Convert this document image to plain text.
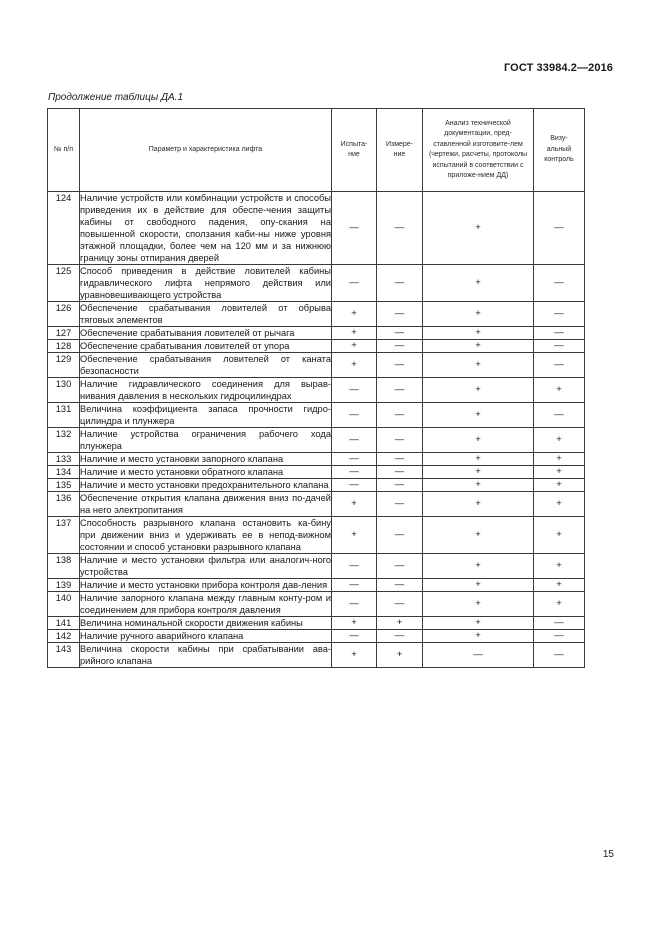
ГОСТ 33984.2—2016
Продолжение таблицы ДА.1
№ п/п	Параметр и характеристика лифта	Испыта-ние	Измере-ние	Анализ технической документации, пред-ставленной изготовите-лем (чертежи, расчеты, протоколы испытаний в соответствии с приложе-нием ДД)	Визу-альный контроль
124	Наличие устройств или комбинации устройств и способы приведения их в действие для обеспе-чения защиты кабины от свободного падения, опу-скания на повышенной скорости, сползания каби-ны ниже уровня этажной площадки, более чем на 120 мм и за нижнюю границу зоны отпирания дверей	—	—	+	—
125	Способ приведения в действие ловителей кабины гидравлического лифта непрямого действия или уравновешивающего устройства	—	—	+	—
126	Обеспечение срабатывания ловителей от обрыва тяговых элементов	+	—	+	—
127	Обеспечение срабатывания ловителей от рычага	+	—	+	—
128	Обеспечение срабатывания ловителей от упора	+	—	+	—
129	Обеспечение срабатывания ловителей от каната безопасности	+	—	+	—
130	Наличие гидравлического соединения для вырав-нивания давления в нескольких гидроцилиндрах	—	—	+	+
131	Величина коэффициента запаса прочности гидро-цилиндра и плунжера	—	—	+	—
132	Наличие устройства ограничения рабочего хода плунжера	—	—	+	+
133	Наличие и место установки запорного клапана	—	—	+	+
134	Наличие и место установки обратного клапана	—	—	+	+
135	Наличие и место установки предохранительного клапана	—	—	+	+
136	Обеспечение открытия клапана движения вниз по-дачей на него электропитания	+	—	+	+
137	Способность разрывного клапана остановить ка-бину при движении вниз и удерживать ее в непод-вижном состоянии и способ установки разрывного клапана	+	—	+	+
138	Наличие и место установки фильтра или аналогич-ного устройства	—	—	+	+
139	Наличие и место установки прибора контроля дав-ления	—	—	+	+
140	Наличие запорного клапана между главным конту-ром и соединением для прибора контроля давления	—	—	+	+
141	Величина номинальной скорости движения кабины	+	+	+	—
142	Наличие ручного аварийного клапана	—	—	+	—
143	Величина скорости кабины при срабатывании ава-рийного клапана	+	+	—	—
15
